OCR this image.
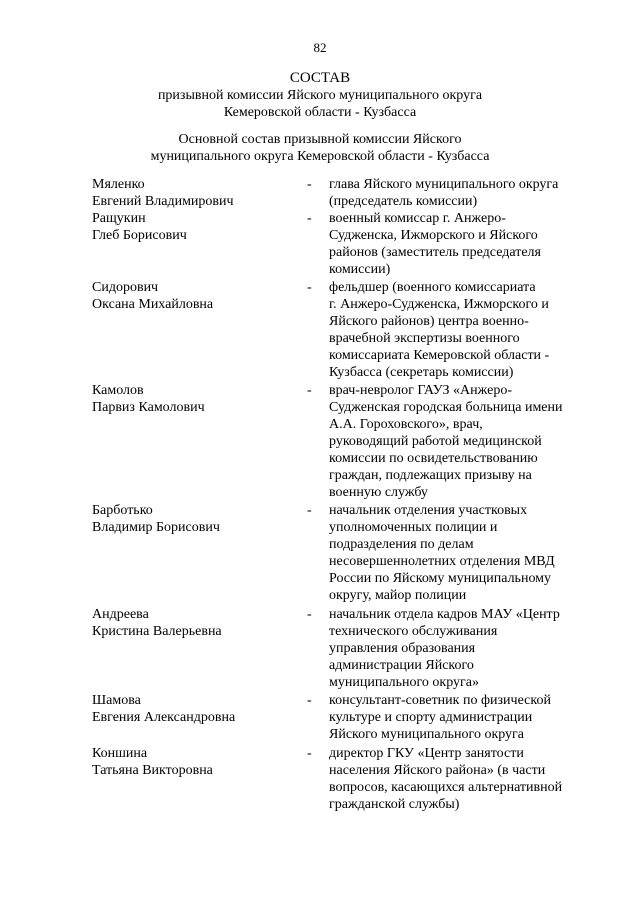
82
СОСТАВ
призывной комиссии Яйского муниципального округа
Кемеровской области - Кузбасса
Основной состав призывной комиссии Яйского
муниципального округа Кемеровской области - Кузбасса
Мяленко
Евгений Владимирович
- глава Яйского муниципального округа
(председатель комиссии)
Ращукин
Глеб Борисович
- военный комиссар г. Анжеро-
Судженска, Ижморского и Яйского
районов (заместитель председателя
комиссии)
Сидорович
Оксана Михайловна
- фельдшер (военного комиссариата
г. Анжеро-Судженска, Ижморского и
Яйского районов) центра военно-
врачебной экспертизы военного
комиссариата Кемеровской области -
Кузбасса (секретарь комиссии)
Камолов
Парвиз Камолович
- врач-невролог ГАУЗ «Анжеро-
Судженская городская больница имени
А.А. Гороховского», врач,
руководящий работой медицинской
комиссии по освидетельствованию
граждан, подлежащих призыву на
военную службу
Барботько
Владимир Борисович
- начальник отделения участковых
уполномоченных полиции и
подразделения по делам
несовершеннолетних отделения МВД
России по Яйскому муниципальному
округу, майор полиции
Андреева
Кристина Валерьевна
- начальник отдела кадров МАУ «Центр
технического обслуживания
управления образования
администрации Яйского
муниципального округа»
Шамова
Евгения Александровна
- консультант-советник по физической
культуре и спорту администрации
Яйского муниципального округа
Коншина
Татьяна Викторовна
- директор ГКУ «Центр занятости
населения Яйского района» (в части
вопросов, касающихся альтернативной
гражданской службы)
